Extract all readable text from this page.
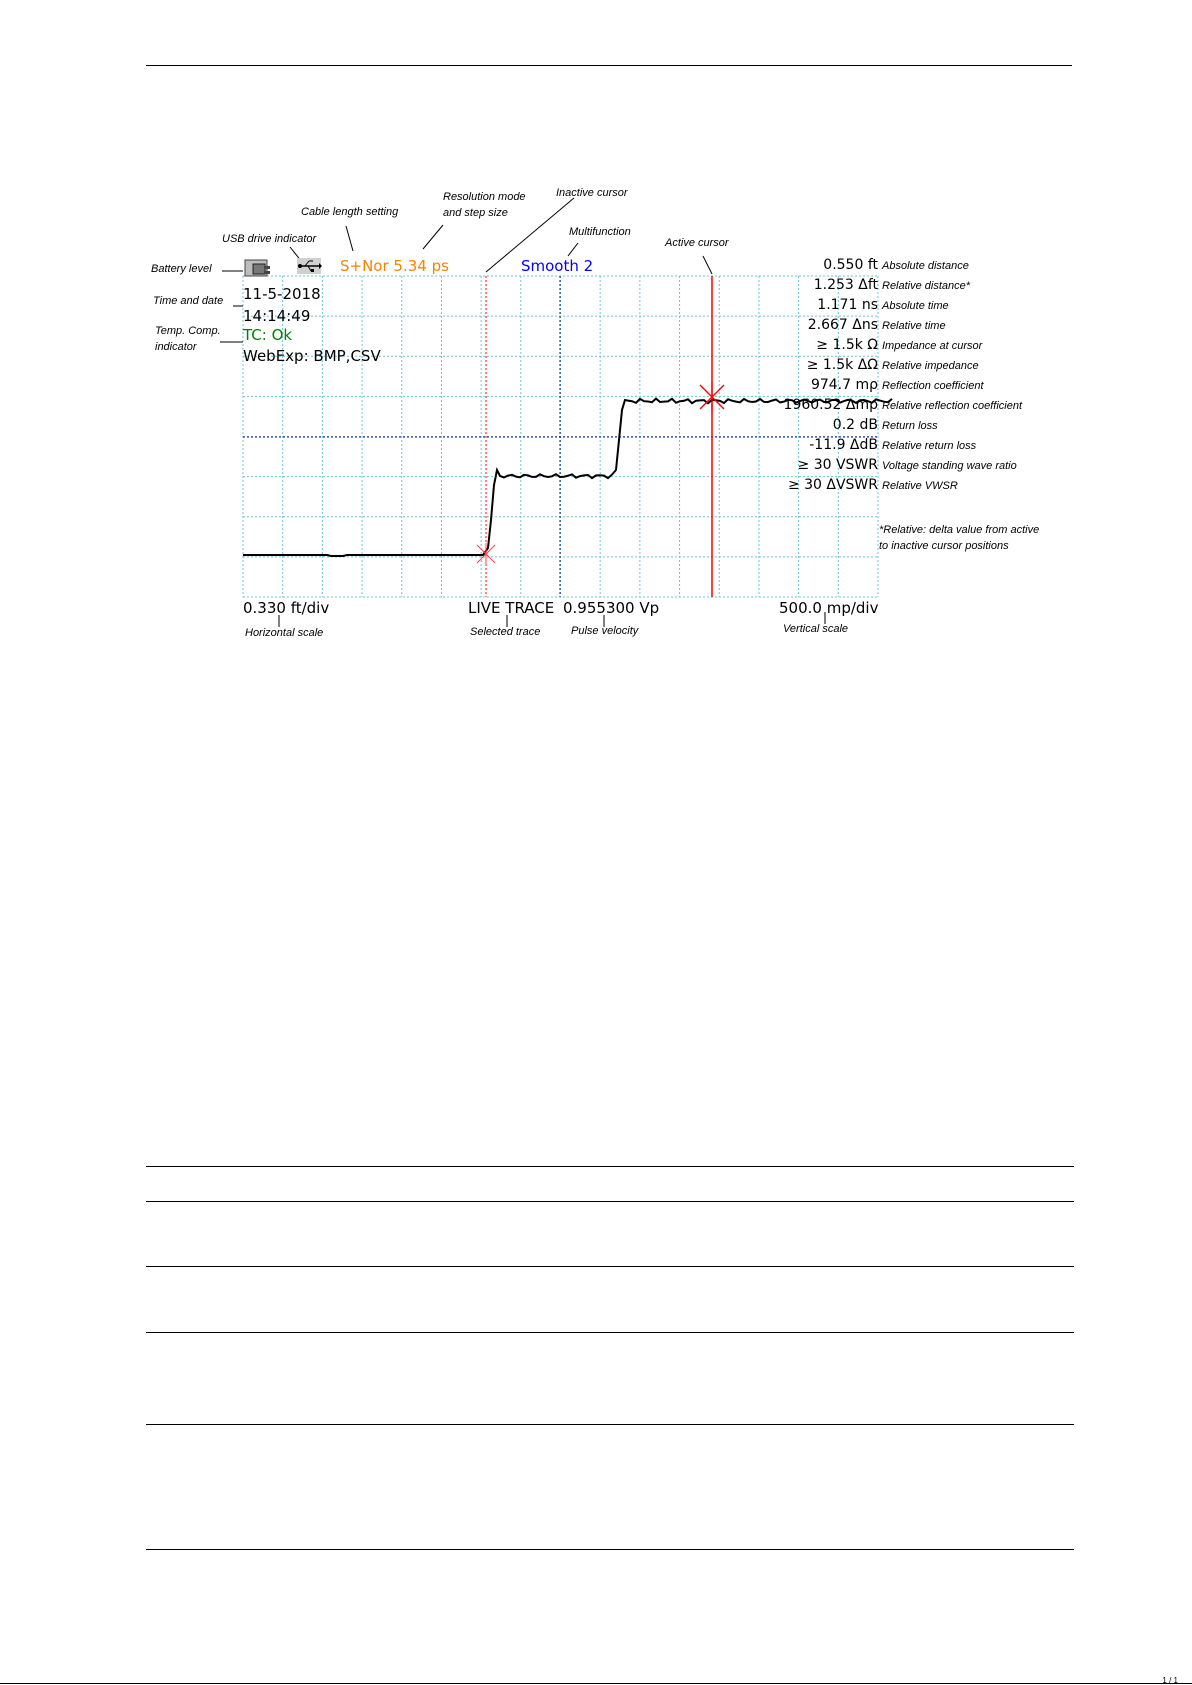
Cable length setting
Resolution mode
and step size
Inactive cursor
Multifunction
USB drive indicator	Active cursor
Battery level
Time and date
Temp. Comp.
indicator
Horizontal scale	Selected trace	Pulse velocity	Vertical scale
*Relative: delta value from active
to inactive cursor positions
S+Nor 5.34 ps	Smooth 2
11-5-2018
14:14:49
TC: Ok
WebExp: BMP,CSV
0.330 ft/div	LIVE TRACE 0.955300 Vp	500.0 mp/div
0.550 ft Absolute distance
1.253 Δft Relative distance*
1.171 ns Absolute time
2.667 Δns Relative time
≥ 1.5k Ω Impedance at cursor
≥ 1.5k ΔΩ Relative impedance
974.7 mρ Reflection coefficient
1960.52 Δmρ Relative reflection coefficient
0.2 dB Return loss
-11.9 ΔdB Relative return loss
≥ 30 VSWR Voltage standing wave ratio
≥ 30 ΔVSWR Relative VWSR
1 / 1
